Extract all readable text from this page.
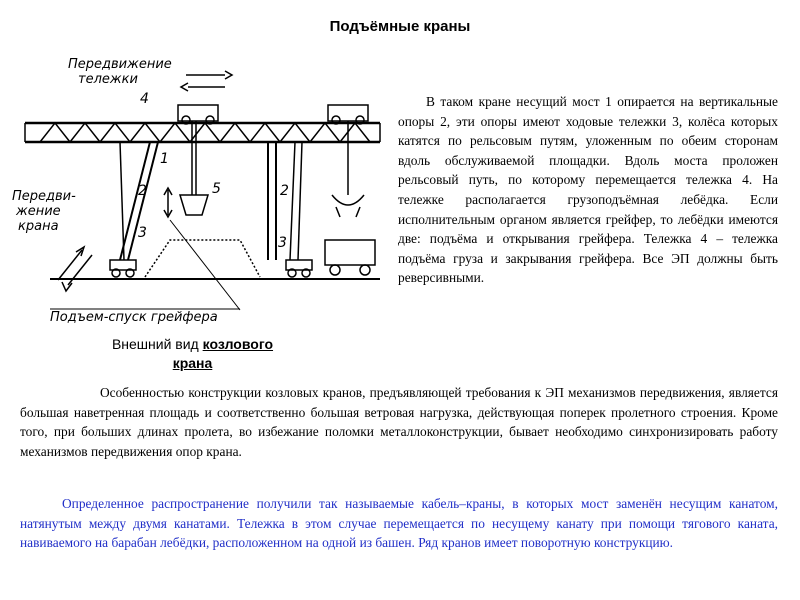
Подъёмные краны
Передвижение
тележки
Передви-
жение
крана
Подъем-спуск грейфера
4
1
2	2
3
3
5
Внешний вид козлового
крана
В таком кране несущий мост 1 опирается на вертикальные опоры 2, эти опоры имеют ходовые тележки 3, колёса которых катятся по рельсовым путям, уложенным по обеим сторонам вдоль обслуживаемой площадки. Вдоль моста проложен рельсовый путь, по которому перемещается тележка 4. На тележке располагается грузоподъёмная лебёдка. Если исполнительным органом является грейфер, то лебёдки имеются две: подъёма и открывания грейфера. Тележка 4 – тележка подъёма груза и закрывания грейфера. Все ЭП должны быть реверсивными.
Особенностью конструкции козловых кранов, предъявляющей требования к ЭП механизмов передвижения, является большая наветренная площадь и соответственно большая ветровая нагрузка, действующая поперек пролетного строения. Кроме того, при больших длинах пролета, во избежание поломки металлоконструкции, бывает необходимо синхронизировать работу механизмов передвижения опор крана.
Определенное распространение получили так называемые кабель–краны, в которых мост заменён несущим канатом, натянутым между двумя канатами. Тележка в этом случае перемещается по несущему канату при помощи тягового каната, навиваемого на барабан лебёдки, расположенном на одной из башен. Ряд кранов имеет поворотную конструкцию.
